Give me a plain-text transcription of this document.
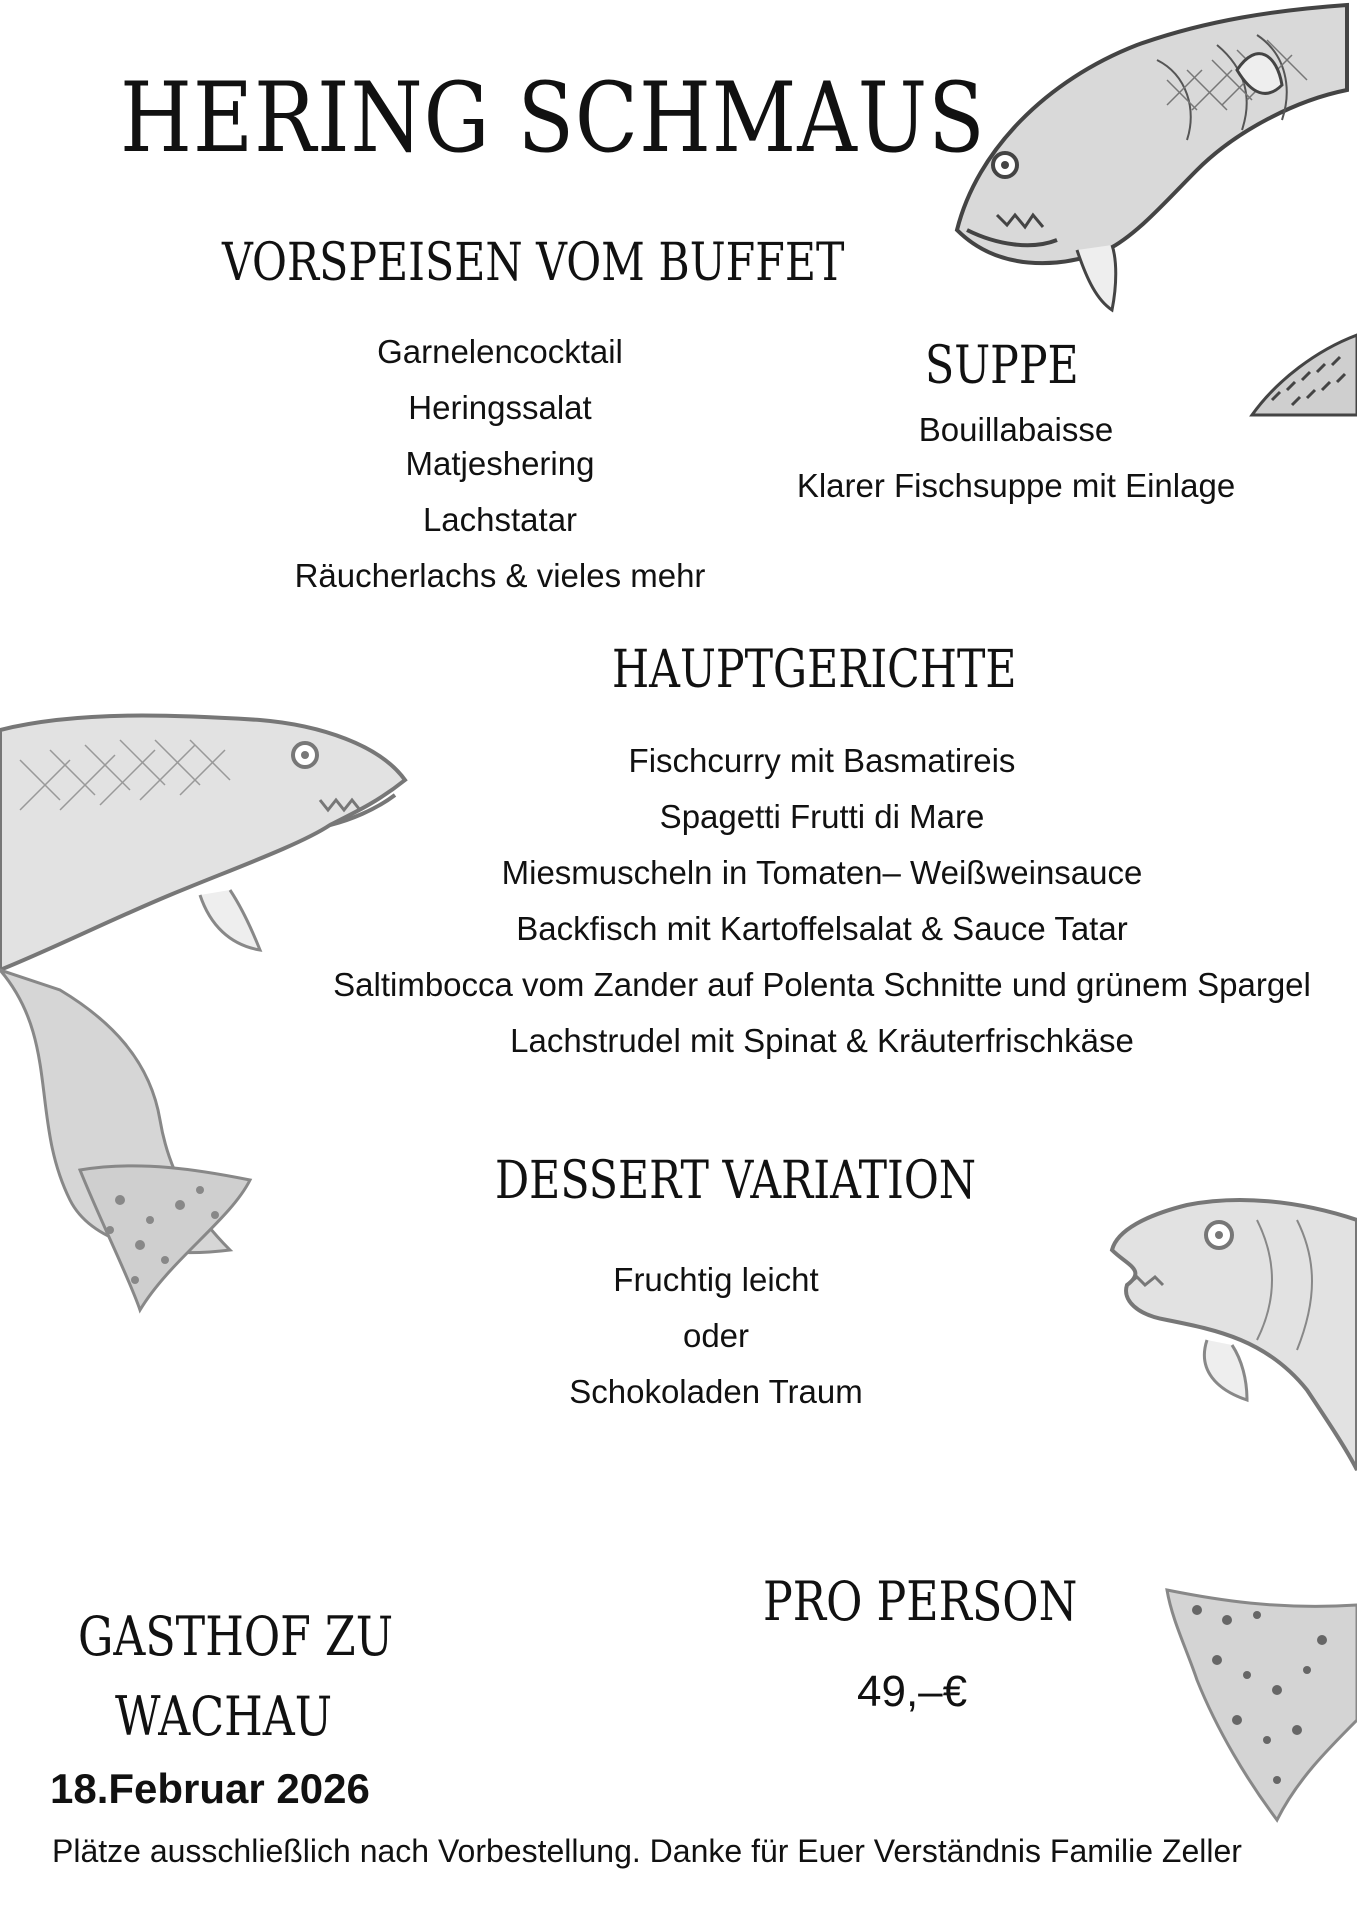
HERING SCHMAUS
VORSPEISEN VOM BUFFET
Garnelencocktail
Heringssalat
Matjeshering
Lachstatar
Räucherlachs & vieles mehr
SUPPE
Bouillabaisse
Klarer Fischsuppe mit Einlage
HAUPTGERICHTE
Fischcurry mit Basmatireis
Spagetti Frutti di Mare
Miesmuscheln in Tomaten– Weißweinsauce
Backfisch mit Kartoffelsalat & Sauce Tatar
Saltimbocca vom Zander auf Polenta Schnitte und grünem Spargel
Lachstrudel mit Spinat & Kräuterfrischkäse
DESSERT VARIATION
Fruchtig leicht
oder
Schokoladen Traum
PRO PERSON
49,–€
GASTHOF ZU
WACHAU
18.Februar 2026
Plätze ausschließlich nach Vorbestellung. Danke für Euer Verständnis Familie Zeller
